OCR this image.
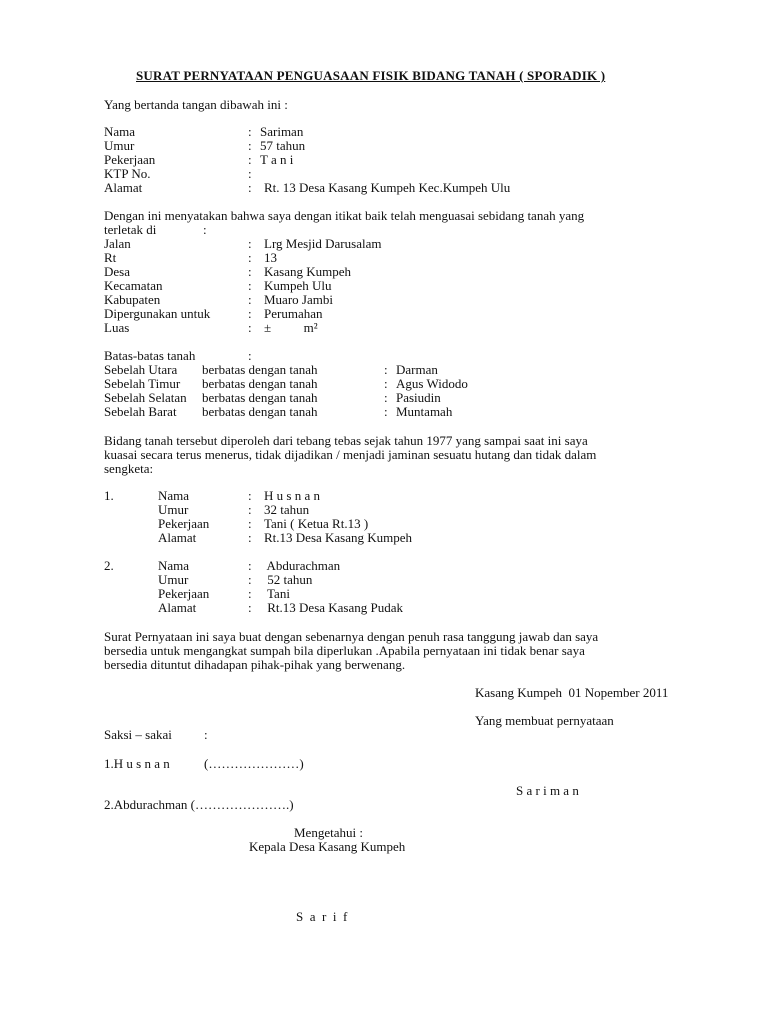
SURAT PERNYATAAN PENGUASAAN FISIK BIDANG TANAH ( SPORADIK )
Yang bertanda tangan dibawah ini :
Nama	: Sariman
Umur	: 57 tahun
Pekerjaan	: T a n i
KTP No.	:
Alamat	: Rt. 13 Desa Kasang Kumpeh Kec.Kumpeh Ulu
Dengan ini menyatakan bahwa saya dengan itikat baik telah menguasai sebidang tanah yang
terletak di	:
Jalan	: Lrg Mesjid Darusalam
Rt	: 13
Desa	: Kasang Kumpeh
Kecamatan	: Kumpeh Ulu
Kabupaten	: Muaro Jambi
Dipergunakan untuk	: Perumahan
Luas	: ±          m²
Batas-batas tanah	:
Sebelah Utara berbatas dengan tanah	: Darman
Sebelah Timur berbatas dengan tanah	: Agus Widodo
Sebelah Selatan berbatas dengan tanah	: Pasiudin
Sebelah Barat berbatas dengan tanah	: Muntamah
Bidang tanah tersebut diperoleh dari tebang tebas sejak tahun 1977 yang sampai saat ini saya
kuasai secara terus menerus, tidak dijadikan / menjadi jaminan sesuatu hutang dan tidak dalam
sengketa:
1.	Nama	: H u s n a n
Umur	: 32 tahun
Pekerjaan	: Tani ( Ketua Rt.13 )
Alamat	: Rt.13 Desa Kasang Kumpeh
2.	Nama	: Abdurachman
Umur	: 52 tahun
Pekerjaan	: Tani
Alamat	: Rt.13 Desa Kasang Pudak
Surat Pernyataan ini saya buat dengan sebenarnya dengan penuh rasa tanggung jawab dan saya
bersedia untuk mengangkat sumpah bila diperlukan .Apabila pernyataan ini tidak benar saya
bersedia dituntut dihadapan pihak-pihak yang berwenang.
Kasang Kumpeh  01 Nopember 2011
Yang membuat pernyataan
Saksi – sakai :
1.H u s n a n	(…………………)
S a r i m a n
2.Abdurachman (………………….)
Mengetahui :
Kepala Desa Kasang Kumpeh
S  a  r  i  f
